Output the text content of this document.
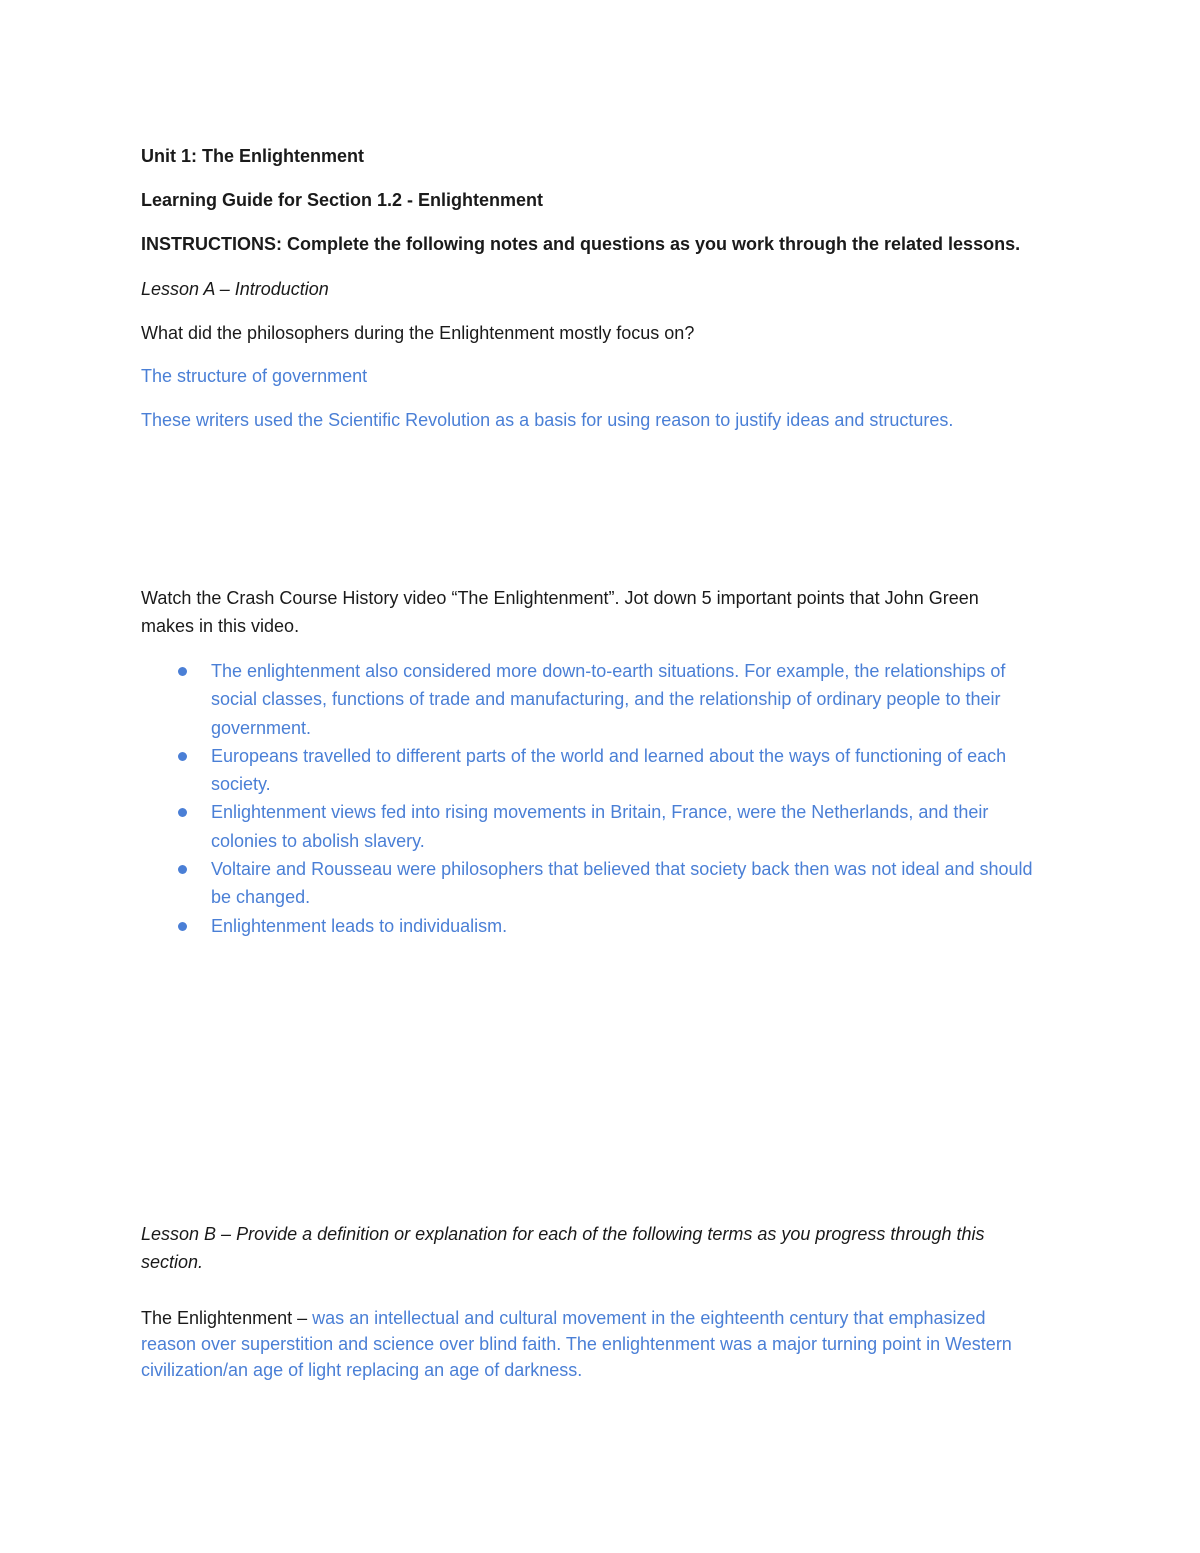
Unit 1: The Enlightenment

Learning Guide for Section 1.2 - Enlightenment

INSTRUCTIONS: Complete the following notes and questions as you work through the related lessons.

Lesson A – Introduction

What did the philosophers during the Enlightenment mostly focus on?

The structure of government

These writers used the Scientific Revolution as a basis for using reason to justify ideas and structures.

Watch the Crash Course History video “The Enlightenment”. Jot down 5 important points that John Green makes in this video.

The enlightenment also considered more down-to-earth situations. For example, the relationships of social classes, functions of trade and manufacturing, and the relationship of ordinary people to their government.
Europeans travelled to different parts of the world and learned about the ways of functioning of each society.
Enlightenment views fed into rising movements in Britain, France, were the Netherlands, and their colonies to abolish slavery.
Voltaire and Rousseau were philosophers that believed that society back then was not ideal and should be changed.
Enlightenment leads to individualism.

Lesson B – Provide a definition or explanation for each of the following terms as you progress through this section.

The Enlightenment – was an intellectual and cultural movement in the eighteenth century that emphasized reason over superstition and science over blind faith. The enlightenment was a major turning point in Western civilization/an age of light replacing an age of darkness.
